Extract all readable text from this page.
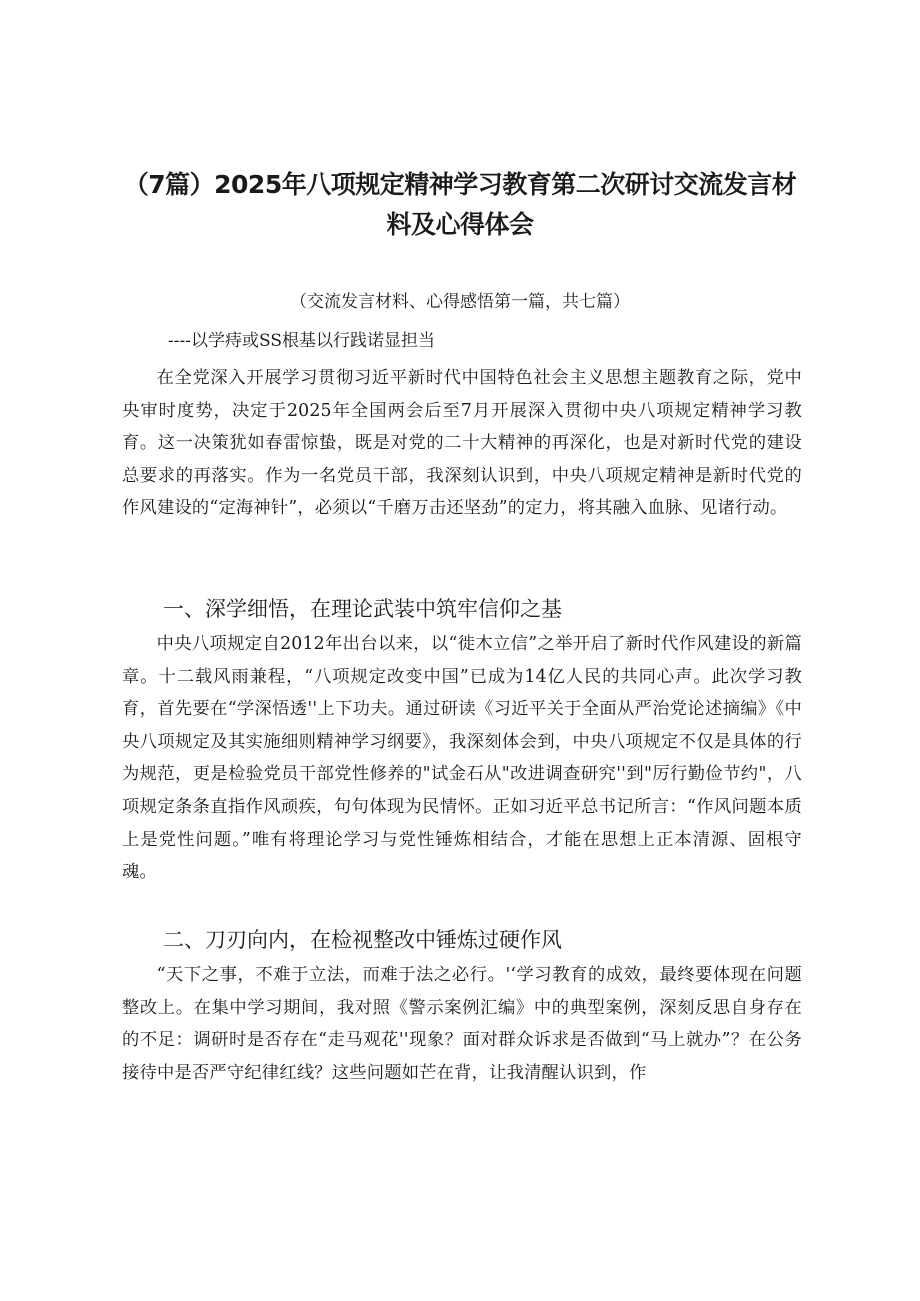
（7篇）2025年八项规定精神学习教育第二次研讨交流发言材
料及心得体会

（交流发言材料、心得感悟第一篇，共七篇）

----以学痔或SS根基以行践诺显担当

在全党深入开展学习贯彻习近平新时代中国特色社会主义思想主题教育之际，党中央审时度势，决定于2025年全国两会后至7月开展深入贯彻中央八项规定精神学习教育。这一决策犹如春雷惊蛰，既是对党的二十大精神的再深化，也是对新时代党的建设总要求的再落实。作为一名党员干部，我深刻认识到，中央八项规定精神是新时代党的作风建设的“定海神针”，必须以“千磨万击还坚劲”的定力，将其融入血脉、见诸行动。

一、深学细悟，在理论武装中筑牢信仰之基

中央八项规定自2012年出台以来，以“徙木立信”之举开启了新时代作风建设的新篇章。十二载风雨兼程，“八项规定改变中国”已成为14亿人民的共同心声。此次学习教育，首先要在“学深悟透''上下功夫。通过研读《习近平关于全面从严治党论述摘编》《中央八项规定及其实施细则精神学习纲要》，我深刻体会到，中央八项规定不仅是具体的行为规范，更是检验党员干部党性修养的"试金石从"改进调查研究''到"厉行勤俭节约"，八项规定条条直指作风顽疾，句句体现为民情怀。正如习近平总书记所言：“作风问题本质上是党性问题。”唯有将理论学习与党性锤炼相结合，才能在思想上正本清源、固根守魂。

二、刀刃向内，在检视整改中锤炼过硬作风

“天下之事，不难于立法，而难于法之必行。'‘学习教育的成效，最终要体现在问题整改上。在集中学习期间，我对照《警示案例汇编》中的典型案例，深刻反思自身存在的不足：调研时是否存在“走马观花''现象？面对群众诉求是否做到“马上就办”？在公务接待中是否严守纪律红线？这些问题如芒在背，让我清醒认识到，作
